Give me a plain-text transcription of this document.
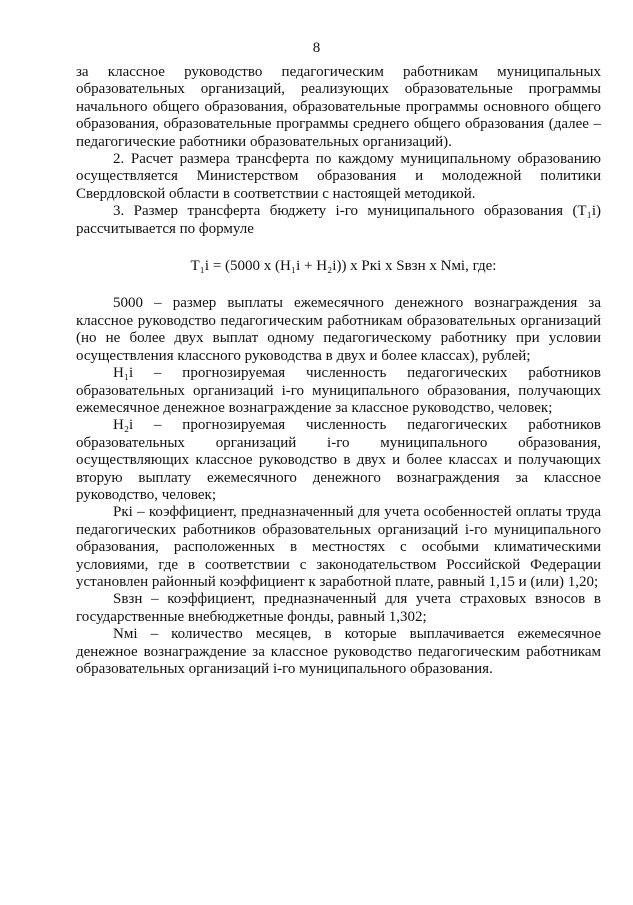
8

за классное руководство педагогическим работникам муниципальных образовательных организаций, реализующих образовательные программы начального общего образования, образовательные программы основного общего образования, образовательные программы среднего общего образования (далее – педагогические работники образовательных организаций).

2. Расчет размера трансферта по каждому муниципальному образованию осуществляется Министерством образования и молодежной политики Свердловской области в соответствии с настоящей методикой.

3. Размер трансферта бюджету i-го муниципального образования (Т₁i) рассчитывается по формуле

Т₁i = (5000 х (Н₁i + Н₂i)) х Ркi х Sвзн х Nмi, где:

5000 – размер выплаты ежемесячного денежного вознаграждения за классное руководство педагогическим работникам образовательных организаций (но не более двух выплат одному педагогическому работнику при условии осуществления классного руководства в двух и более классах), рублей;

Н₁i – прогнозируемая численность педагогических работников образовательных организаций i-го муниципального образования, получающих ежемесячное денежное вознаграждение за классное руководство, человек;

Н₂i – прогнозируемая численность педагогических работников образовательных организаций i-го муниципального образования, осуществляющих классное руководство в двух и более классах и получающих вторую выплату ежемесячного денежного вознаграждения за классное руководство, человек;

Ркi – коэффициент, предназначенный для учета особенностей оплаты труда педагогических работников образовательных организаций i-го муниципального образования, расположенных в местностях с особыми климатическими условиями, где в соответствии с законодательством Российской Федерации установлен районный коэффициент к заработной плате, равный 1,15 и (или) 1,20;

Sвзн – коэффициент, предназначенный для учета страховых взносов в государственные внебюджетные фонды, равный 1,302;

Nмi – количество месяцев, в которые выплачивается ежемесячное денежное вознаграждение за классное руководство педагогическим работникам образовательных организаций i-го муниципального образования.
